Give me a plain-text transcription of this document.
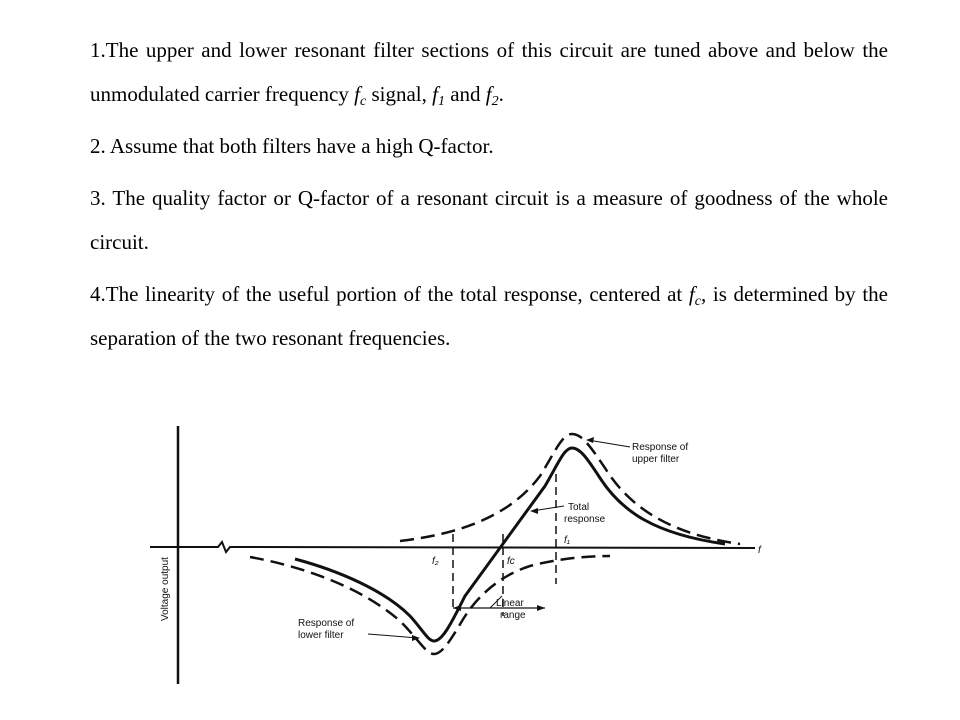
1.The upper and lower resonant filter sections of this circuit are tuned above and below the unmodulated carrier frequency $f_c$ signal, $f_1$ and $f_2$.

2. Assume that both filters have a high Q-factor.

3. The quality factor or Q-factor of a resonant circuit is a measure of goodness of the whole circuit.

4.The linearity of the useful portion of the total response, centered at $f_c$, is determined by the separation of the two resonant frequencies.

Voltage output
f
Response of
upper filter
Total
response
Response of
lower filter
Linear
range
f₂	fc
f₁
